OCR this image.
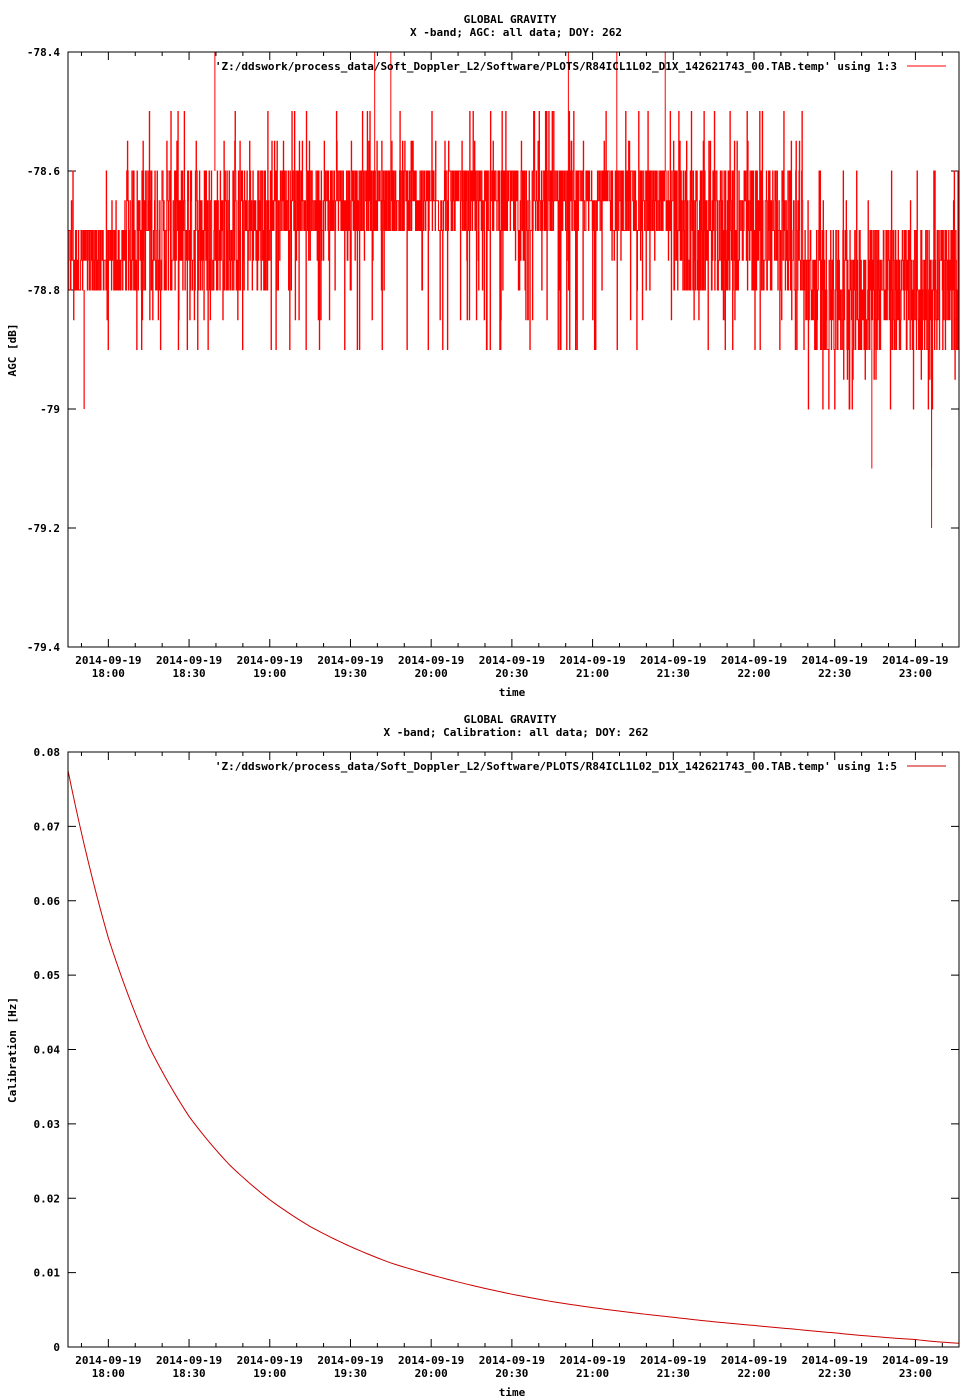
GLOBAL GRAVITY
X -band; AGC: all data; DOY: 262
-79.4
-79.2
-79
-78.8
-78.6
-78.4
2014-09-19
18:00
2014-09-19
18:30
2014-09-19
19:00
2014-09-19
19:30
2014-09-19
20:00
2014-09-19
20:30
2014-09-19
21:00
2014-09-19
21:30
2014-09-19
22:00
2014-09-19
22:30
2014-09-19
23:00
'Z:/ddswork/process_data/Soft_Doppler_L2/Software/PLOTS/R84ICL1L02_D1X_142621743_00.TAB.temp' using 1:3
time
AGC [dB]
GLOBAL GRAVITY
X -band; Calibration: all data; DOY: 262
0
0.01
0.02
0.03
0.04
0.05
0.06
0.07
0.08
2014-09-19
18:00
2014-09-19
18:30
2014-09-19
19:00
2014-09-19
19:30
2014-09-19
20:00
2014-09-19
20:30
2014-09-19
21:00
2014-09-19
21:30
2014-09-19
22:00
2014-09-19
22:30
2014-09-19
23:00
'Z:/ddswork/process_data/Soft_Doppler_L2/Software/PLOTS/R84ICL1L02_D1X_142621743_00.TAB.temp' using 1:5
time
Calibration [Hz]
